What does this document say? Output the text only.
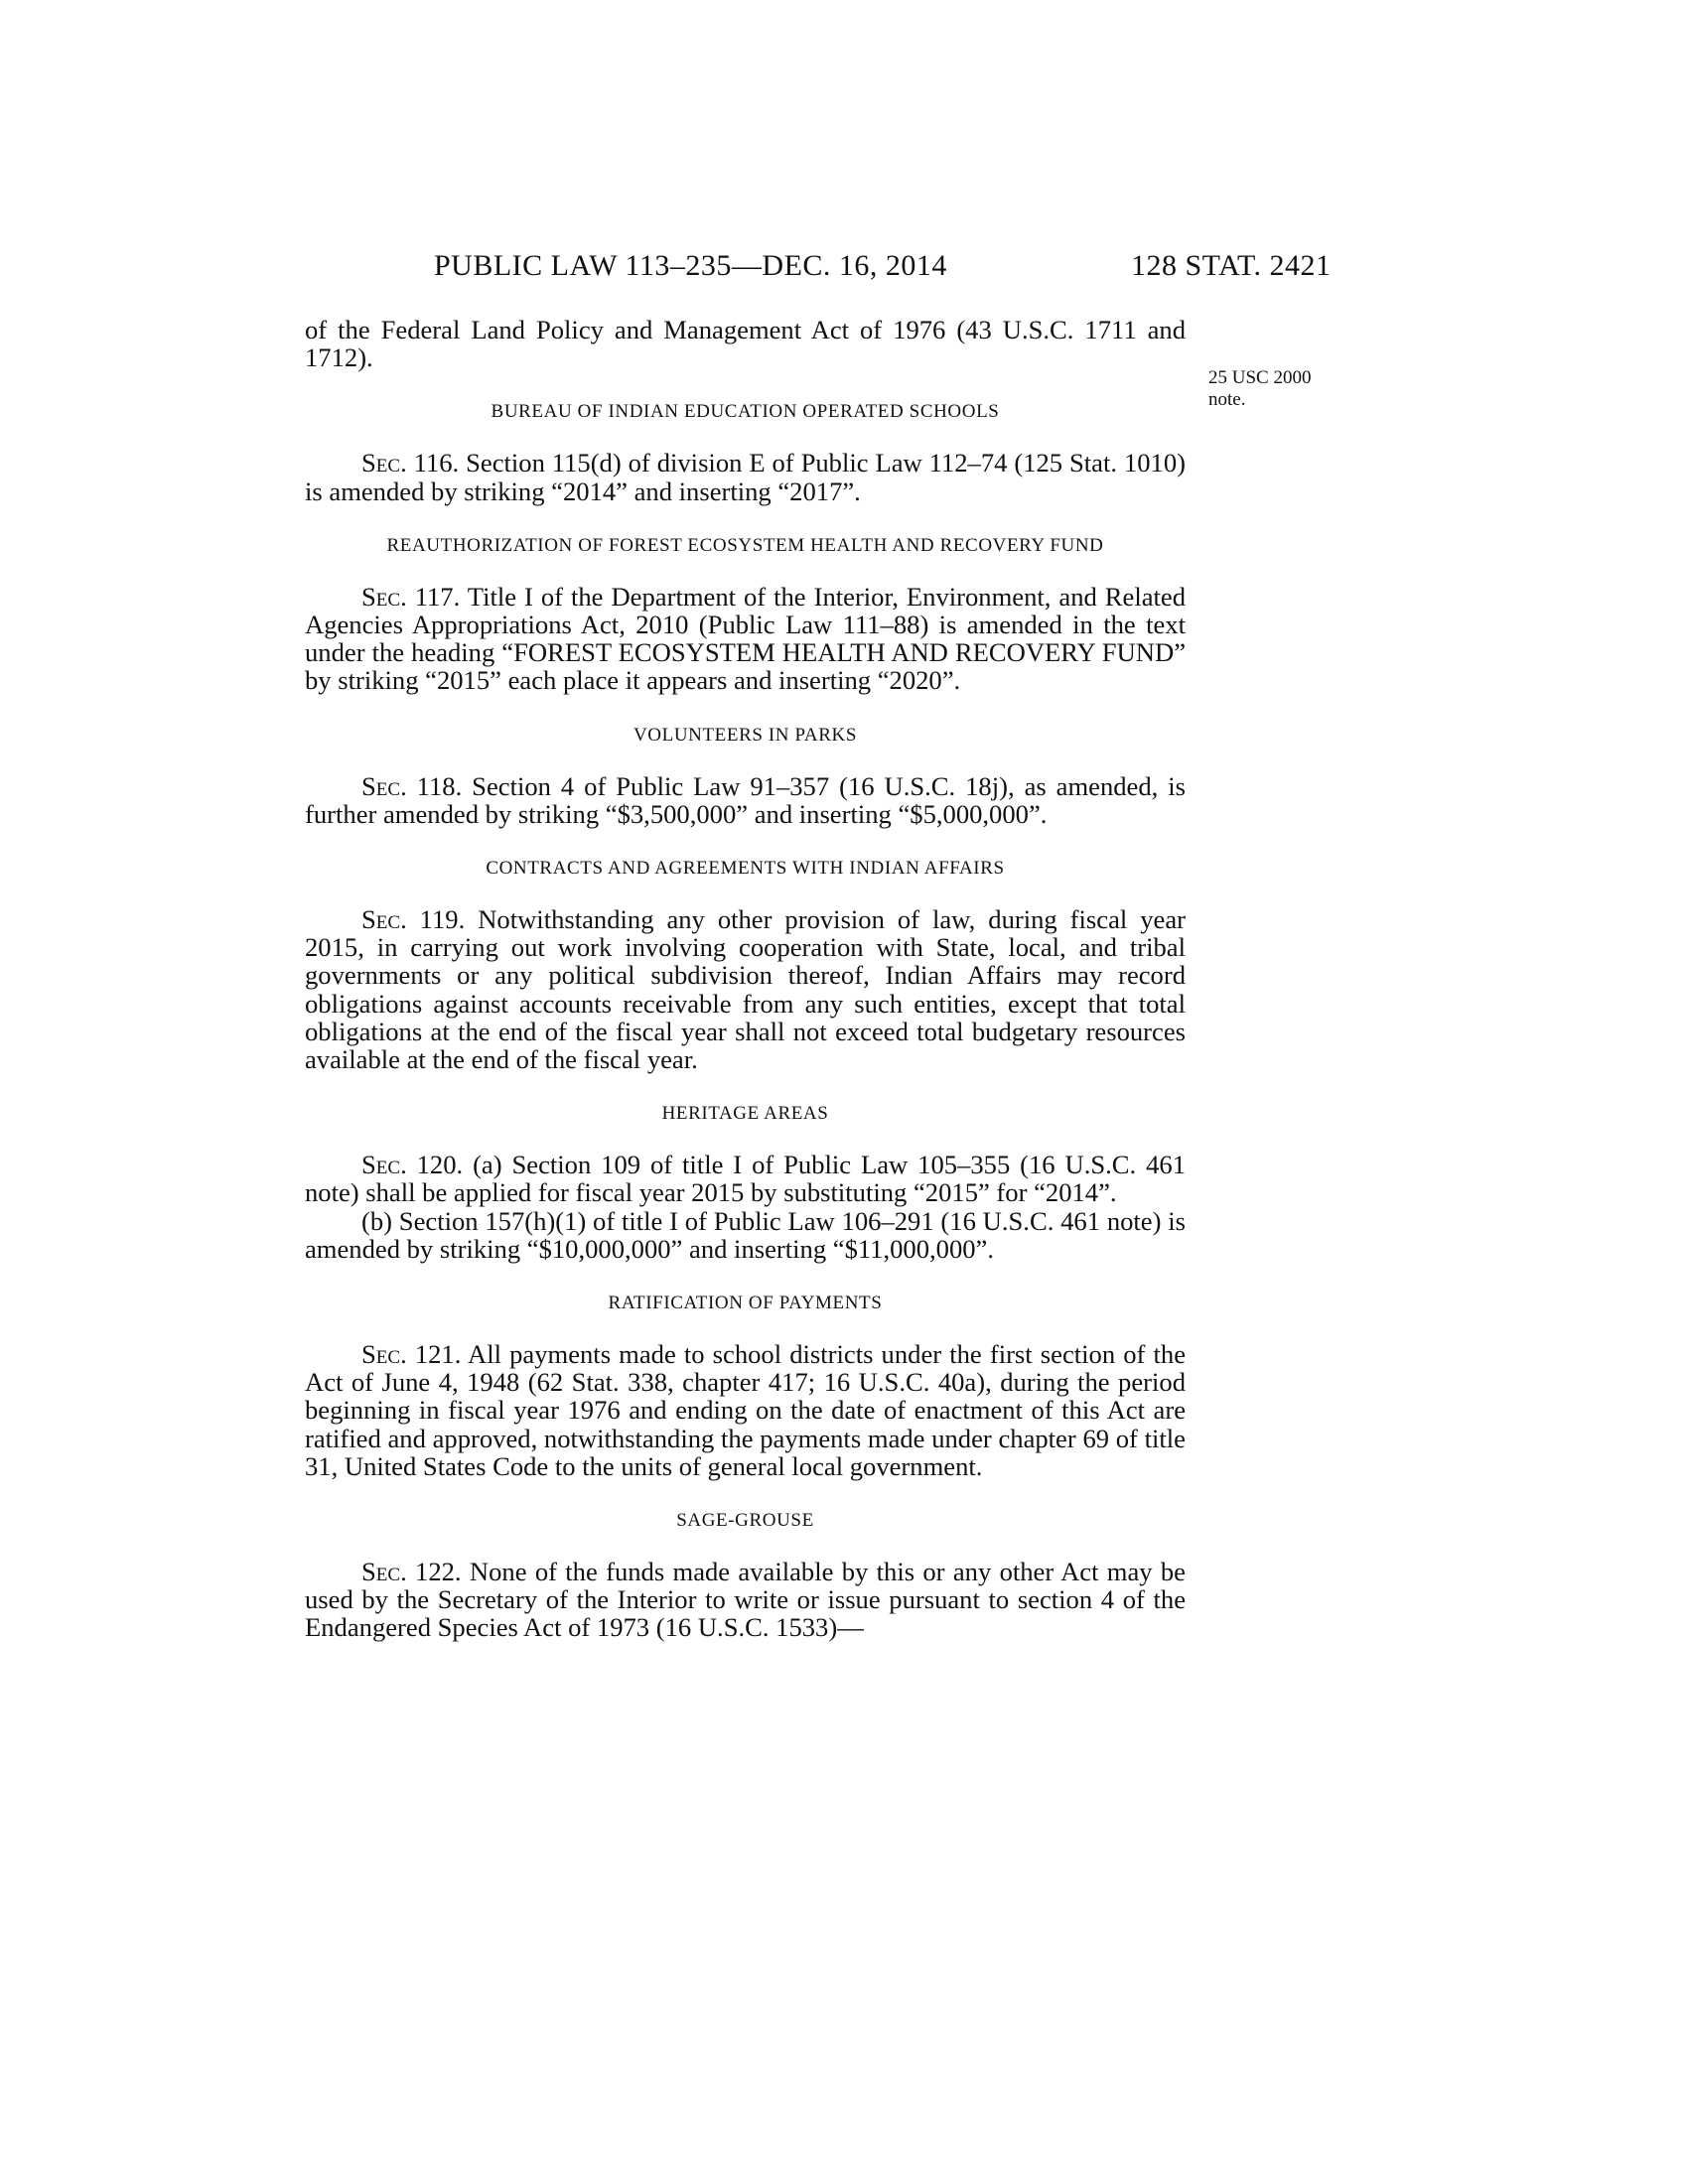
PUBLIC LAW 113–235—DEC. 16, 2014	128 STAT. 2421
25 USC 2000
note.

of the Federal Land Policy and Management Act of 1976 (43 U.S.C. 1711 and 1712).

BUREAU OF INDIAN EDUCATION OPERATED SCHOOLS

Sec. 116. Section 115(d) of division E of Public Law 112–74 (125 Stat. 1010) is amended by striking “2014” and inserting “2017”.

REAUTHORIZATION OF FOREST ECOSYSTEM HEALTH AND RECOVERY FUND

Sec. 117. Title I of the Department of the Interior, Environment, and Related Agencies Appropriations Act, 2010 (Public Law 111–88) is amended in the text under the heading “FOREST ECOSYSTEM HEALTH AND RECOVERY FUND” by striking “2015” each place it appears and inserting “2020”.

VOLUNTEERS IN PARKS

Sec. 118. Section 4 of Public Law 91–357 (16 U.S.C. 18j), as amended, is further amended by striking “$3,500,000” and inserting “$5,000,000”.

CONTRACTS AND AGREEMENTS WITH INDIAN AFFAIRS

Sec. 119. Notwithstanding any other provision of law, during fiscal year 2015, in carrying out work involving cooperation with State, local, and tribal governments or any political subdivision thereof, Indian Affairs may record obligations against accounts receivable from any such entities, except that total obligations at the end of the fiscal year shall not exceed total budgetary resources available at the end of the fiscal year.

HERITAGE AREAS

Sec. 120. (a) Section 109 of title I of Public Law 105–355 (16 U.S.C. 461 note) shall be applied for fiscal year 2015 by substituting “2015” for “2014”.

(b) Section 157(h)(1) of title I of Public Law 106–291 (16 U.S.C. 461 note) is amended by striking “$10,000,000” and inserting “$11,000,000”.

RATIFICATION OF PAYMENTS

Sec. 121. All payments made to school districts under the first section of the Act of June 4, 1948 (62 Stat. 338, chapter 417; 16 U.S.C. 40a), during the period beginning in fiscal year 1976 and ending on the date of enactment of this Act are ratified and approved, notwithstanding the payments made under chapter 69 of title 31, United States Code to the units of general local government.

SAGE-GROUSE

Sec. 122. None of the funds made available by this or any other Act may be used by the Secretary of the Interior to write or issue pursuant to section 4 of the Endangered Species Act of 1973 (16 U.S.C. 1533)—
